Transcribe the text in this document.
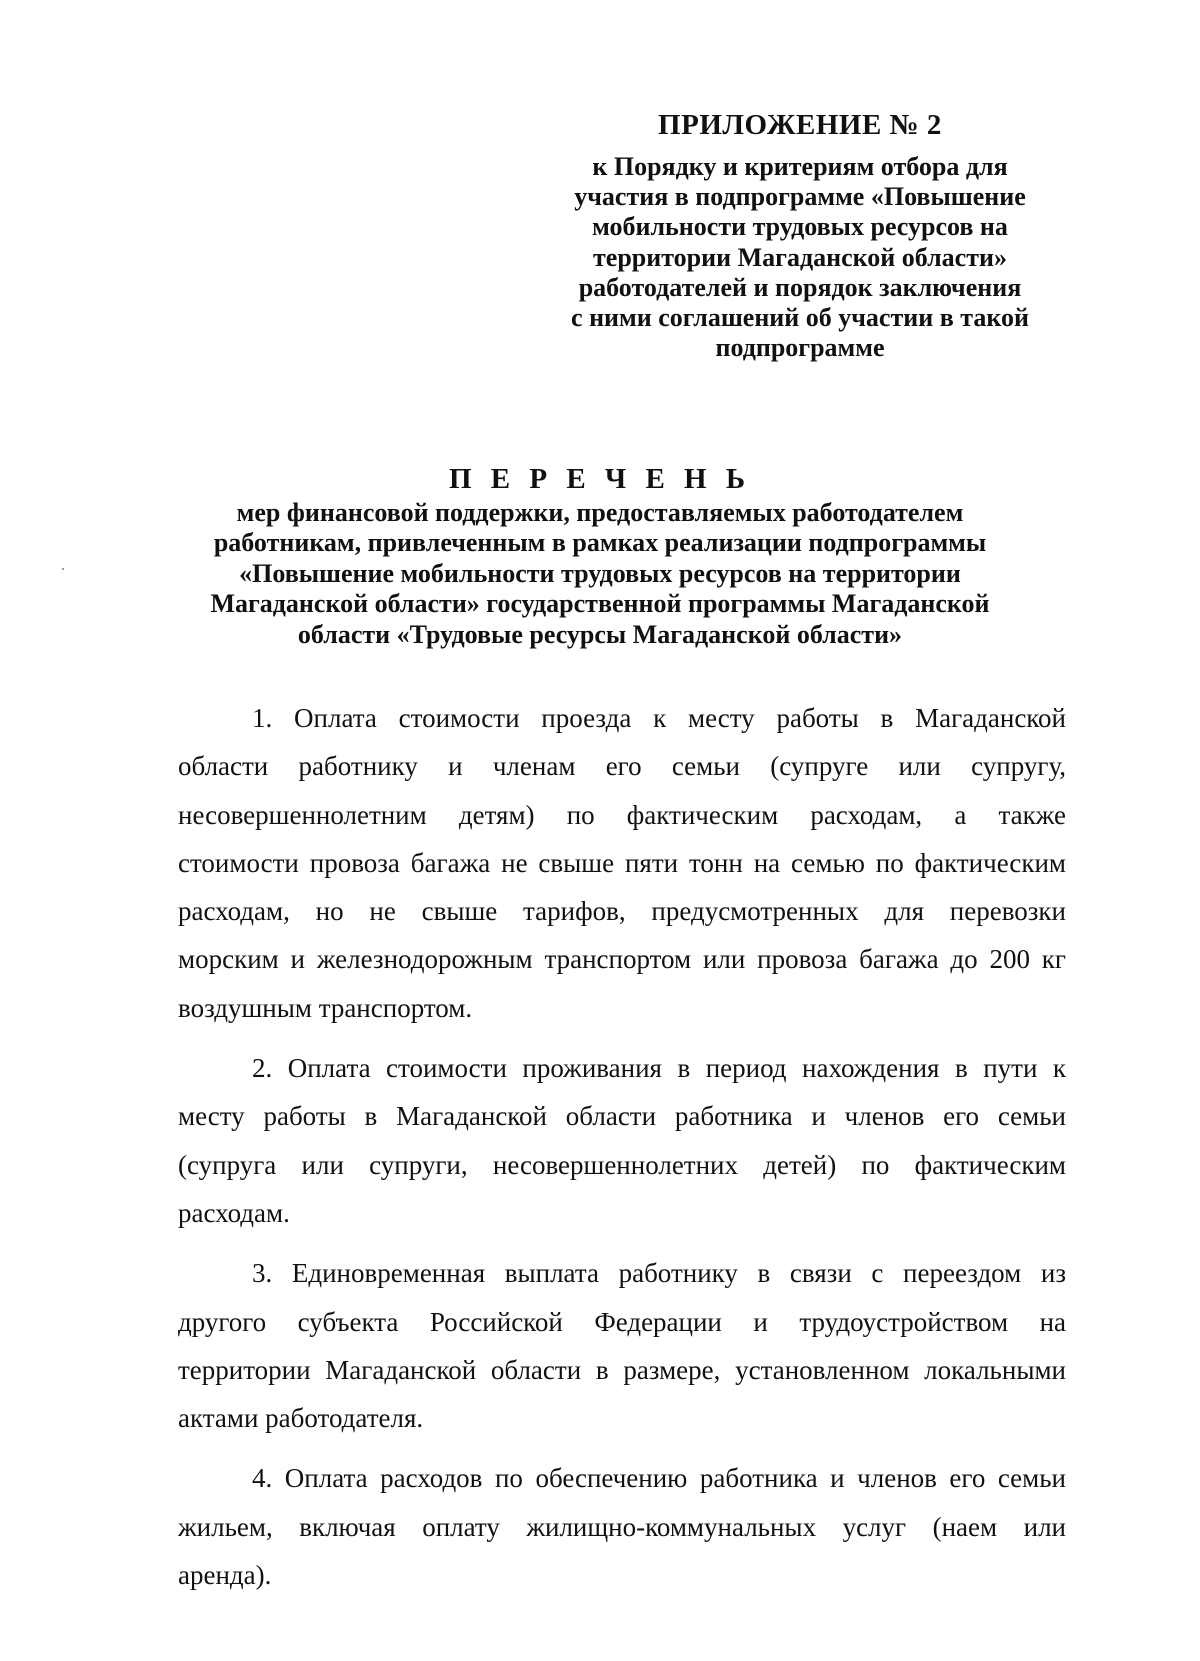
ПРИЛОЖЕНИЕ № 2
к Порядку и критериям отбора для
участия в подпрограмме «Повышение
мобильности трудовых ресурсов на
территории Магаданской области»
работодателей и порядок заключения
с ними соглашений об участии в такой
подпрограмме
П Е Р Е Ч Е Н Ь
мер финансовой поддержки, предоставляемых работодателем
работникам, привлеченным в рамках реализации подпрограммы
«Повышение мобильности трудовых ресурсов на территории
Магаданской области» государственной программы Магаданской
области «Трудовые ресурсы Магаданской области»
1. Оплата стоимости проезда к месту работы в Магаданской
области работнику и членам его семьи (супруге или супругу,
несовершеннолетним детям) по фактическим расходам, а также
стоимости провоза багажа не свыше пяти тонн на семью по фактическим
расходам, но не свыше тарифов, предусмотренных для перевозки
морским и железнодорожным транспортом или провоза багажа до 200 кг
воздушным транспортом.
2. Оплата стоимости проживания в период нахождения в пути к
месту работы в Магаданской области работника и членов его семьи
(супруга или супруги, несовершеннолетних детей) по фактическим
расходам.
3. Единовременная выплата работнику в связи с переездом из
другого субъекта Российской Федерации и трудоустройством на
территории Магаданской области в размере, установленном локальными
актами работодателя.
4. Оплата расходов по обеспечению работника и членов его семьи
жильем, включая оплату жилищно-коммунальных услуг (наем или
аренда).
